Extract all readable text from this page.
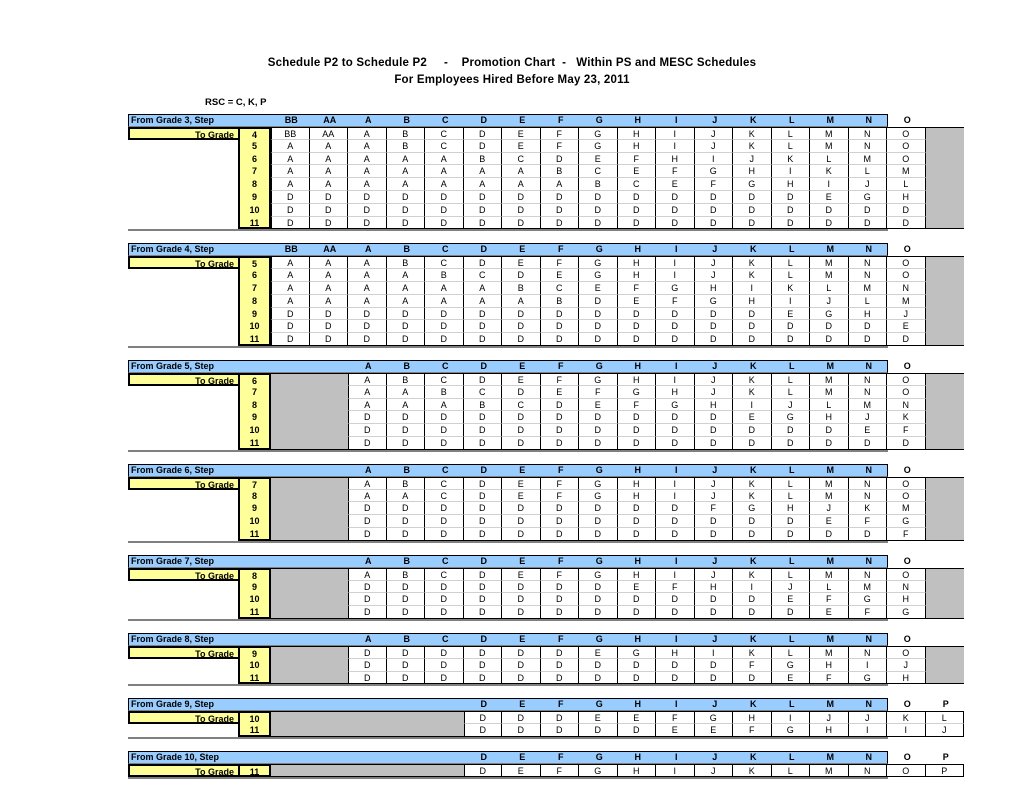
Schedule P2 to Schedule P2     -    Promotion Chart  -   Within PS and MESC Schedules
For Employees Hired Before May 23, 2011
RSC = C, K, P
From Grade 3, Step	BB	AA	A	B	C	D	E	F	G	H	I	J	K	L	M	N	O
To Grade	4	BB	AA	A	B	C	D	E	F	G	H	I	J	K	L	M	N	O
5	A	A	A	B	C	D	E	F	G	H	I	J	K	L	M	N	O
6	A	A	A	A	A	B	C	D	E	F	H	I	J	K	L	M	O
7	A	A	A	A	A	A	A	B	C	E	F	G	H	I	K	L	M
8	A	A	A	A	A	A	A	A	B	C	E	F	G	H	I	J	L
9	D	D	D	D	D	D	D	D	D	D	D	D	D	D	E	G	H
10	D	D	D	D	D	D	D	D	D	D	D	D	D	D	D	D	D
11	D	D	D	D	D	D	D	D	D	D	D	D	D	D	D	D	D
From Grade 4, Step	BB	AA	A	B	C	D	E	F	G	H	I	J	K	L	M	N	O
To Grade	5	A	A	A	B	C	D	E	F	G	H	I	J	K	L	M	N	O
6	A	A	A	A	B	C	D	E	G	H	I	J	K	L	M	N	O
7	A	A	A	A	A	A	B	C	E	F	G	H	I	K	L	M	N
8	A	A	A	A	A	A	A	B	D	E	F	G	H	I	J	L	M
9	D	D	D	D	D	D	D	D	D	D	D	D	D	E	G	H	J
10	D	D	D	D	D	D	D	D	D	D	D	D	D	D	D	D	E
11	D	D	D	D	D	D	D	D	D	D	D	D	D	D	D	D	D
From Grade 5, Step	A	B	C	D	E	F	G	H	I	J	K	L	M	N	O
To Grade	6	A	B	C	D	E	F	G	H	I	J	K	L	M	N	O
7	A	A	B	C	D	E	F	G	H	J	K	L	M	N	O
8	A	A	A	B	C	D	E	F	G	H	I	J	L	M	N
9	D	D	D	D	D	D	D	D	D	D	E	G	H	J	K
10	D	D	D	D	D	D	D	D	D	D	D	D	D	E	F
11	D	D	D	D	D	D	D	D	D	D	D	D	D	D	D
From Grade 6, Step	A	B	C	D	E	F	G	H	I	J	K	L	M	N	O
To Grade	7	A	B	C	D	E	F	G	H	I	J	K	L	M	N	O
8	A	A	C	D	E	F	G	H	I	J	K	L	M	N	O
9	D	D	D	D	D	D	D	D	D	F	G	H	J	K	M
10	D	D	D	D	D	D	D	D	D	D	D	D	E	F	G
11	D	D	D	D	D	D	D	D	D	D	D	D	D	D	F
From Grade 7, Step	A	B	C	D	E	F	G	H	I	J	K	L	M	N	O
To Grade	8	A	B	C	D	E	F	G	H	I	J	K	L	M	N	O
9	D	D	D	D	D	D	D	E	F	H	I	J	L	M	N
10	D	D	D	D	D	D	D	D	D	D	D	E	F	G	H
11	D	D	D	D	D	D	D	D	D	D	D	D	E	F	G
From Grade 8, Step	A	B	C	D	E	F	G	H	I	J	K	L	M	N	O
To Grade	9	D	D	D	D	D	D	E	G	H	I	K	L	M	N	O
10	D	D	D	D	D	D	D	D	D	D	F	G	H	I	J
11	D	D	D	D	D	D	D	D	D	D	D	E	F	G	H
From Grade 9, Step	D	E	F	G	H	I	J	K	L	M	N	O	P
To Grade	10	D	D	D	E	E	F	G	H	I	J	J	K	L
11	D	D	D	D	D	E	E	F	G	H	I	I	J
From Grade 10, Step	D	E	F	G	H	I	J	K	L	M	N	O	P
To Grade	11	D	E	F	G	H	I	J	K	L	M	N	O	P
